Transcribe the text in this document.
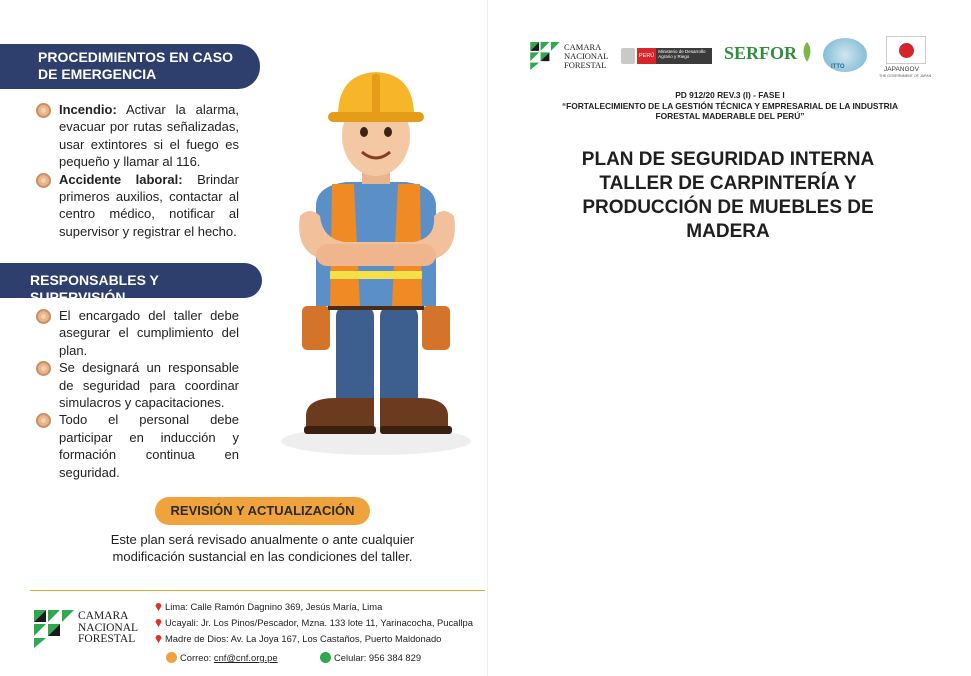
PROCEDIMIENTOS EN CASO DE EMERGENCIA
Incendio: Activar la alarma, evacuar por rutas señalizadas, usar extintores si el fuego es pequeño y llamar al 116.
Accidente laboral: Brindar primeros auxilios, contactar al centro médico, notificar al supervisor y registrar el hecho.
RESPONSABLES Y SUPERVISIÓN
El encargado del taller debe asegurar el cumplimiento del plan.
Se designará un responsable de seguridad para coordinar simulacros y capacitaciones.
Todo el personal debe participar en inducción y formación continua en seguridad.
REVISIÓN Y ACTUALIZACIÓN
Este plan será revisado anualmente o ante cualquier modificación sustancial en las condiciones del taller.
CAMARA
NACIONAL
FORESTAL
Lima: Calle Ramón Dagnino 369, Jesús María, Lima
Ucayali: Jr. Los Pinos/Pescador, Mzna. 133 lote 11, Yarinacocha, Pucallpa
Madre de Dios: Av. La Joya 167, Los Castaños, Puerto Maldonado
Correo: cnf@cnf.org.pe	Celular: 956 384 829
CAMARA
NACIONAL
FORESTAL
PERÚ
Ministerio de Desarrollo Agrario y Riego	SERFOR
ITTO	JAPANGOV
THE GOVERNMENT OF JAPAN
PD 912/20 REV.3 (I) - FASE I
“FORTALECIMIENTO DE LA GESTIÓN TÉCNICA Y EMPRESARIAL DE LA INDUSTRIA
FORESTAL MADERABLE DEL PERÚ”
PLAN DE SEGURIDAD INTERNA
TALLER DE CARPINTERÍA Y
PRODUCCIÓN DE MUEBLES DE
MADERA
